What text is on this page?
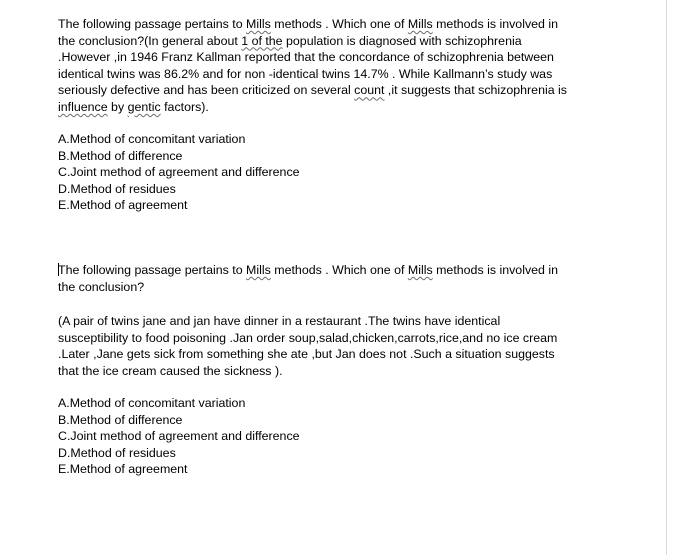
The following passage pertains to Mills methods . Which one of Mills methods is involved in
the conclusion?(In general about 1 of the population is diagnosed with schizophrenia
.However ,in 1946 Franz Kallman reported that the concordance of schizophrenia between
identical twins was 86.2% and for non -identical twins 14.7% . While Kallmann’s study was
seriously defective and has been criticized on several count ,it suggests that schizophrenia is
influence by gentic factors).

A.Method of concomitant variation
B.Method of difference
C.Joint method of agreement and difference
D.Method of residues
E.Method of agreement

The following passage pertains to Mills methods . Which one of Mills methods is involved in
the conclusion?

(A pair of twins jane and jan have dinner in a restaurant .The twins have identical
susceptibility to food poisoning .Jan order soup,salad,chicken,carrots,rice,and no ice cream
.Later ,Jane gets sick from something she ate ,but Jan does not .Such a situation suggests
that the ice cream caused the sickness ).

A.Method of concomitant variation
B.Method of difference
C.Joint method of agreement and difference
D.Method of residues
E.Method of agreement
